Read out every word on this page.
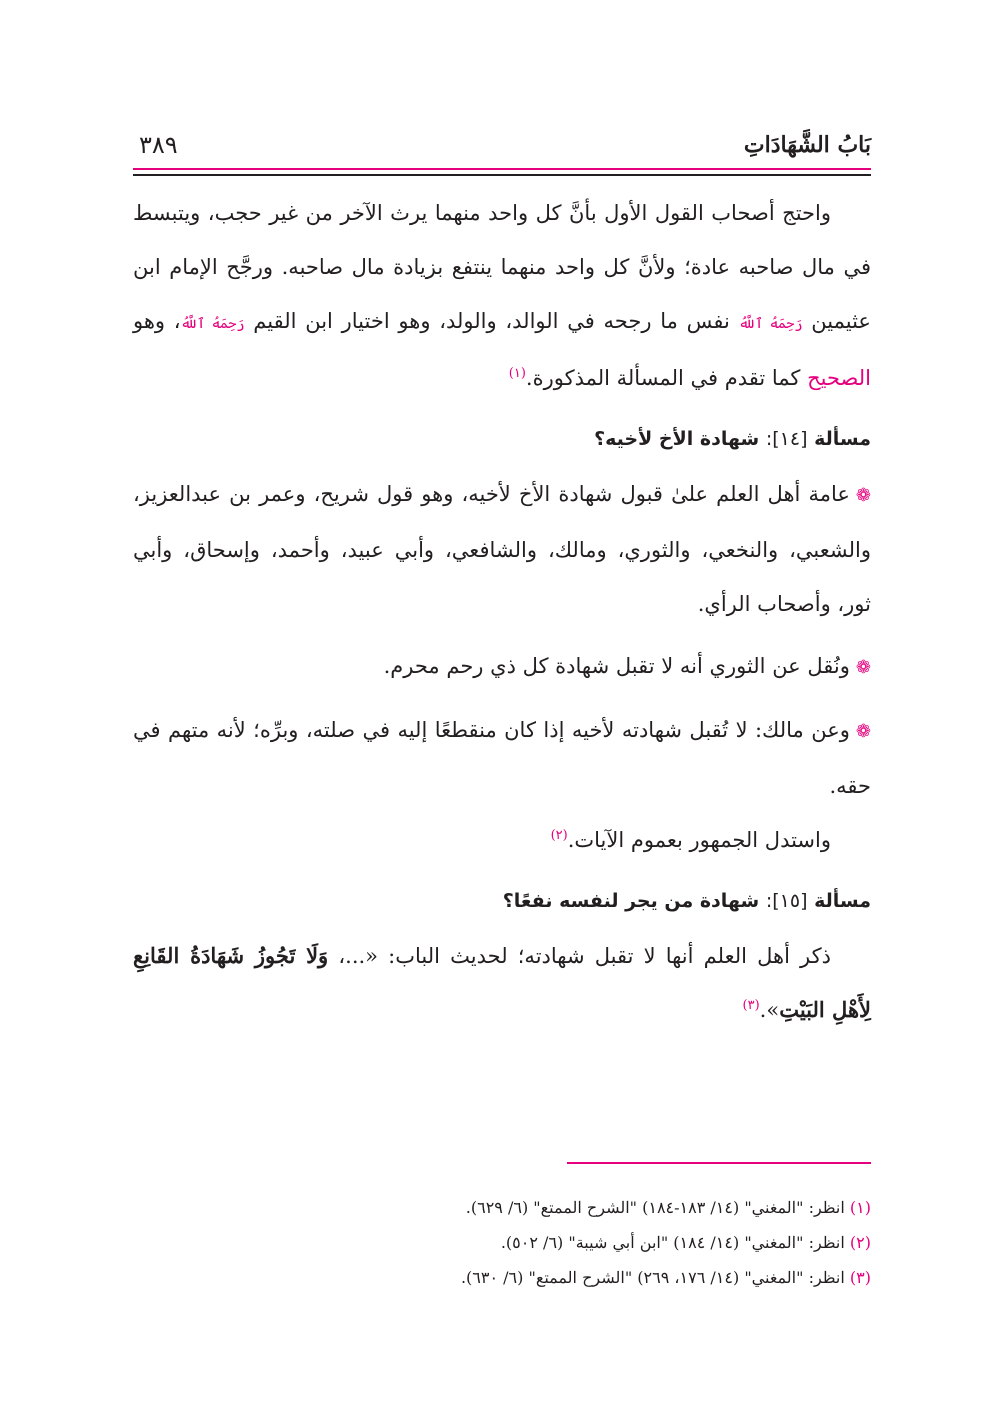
بَابُ الشَّهَادَاتِ
٣٨٩

واحتج أصحاب القول الأول بأنَّ كل واحد منهما يرث الآخر من غير حجب، ويتبسط في مال صاحبه عادة؛ ولأنَّ كل واحد منهما ينتفع بزيادة مال صاحبه. ورجَّح الإمام ابن عثيمين رَحِمَهُ ٱللَّهُ نفس ما رجحه في الوالد، والولد، وهو اختيار ابن القيم رَحِمَهُ ٱللَّهُ، وهو الصحيح كما تقدم في المسألة المذكورة.$^{(١)}$

مسألة [١٤]: شهادة الأخ لأخيه؟

❁عامة أهل العلم علىٰ قبول شهادة الأخ لأخيه، وهو قول شريح، وعمر بن عبدالعزيز، والشعبي، والنخعي، والثوري، ومالك، والشافعي، وأبي عبيد، وأحمد، وإسحاق، وأبي ثور، وأصحاب الرأي.

❁ونُقل عن الثوري أنه لا تقبل شهادة كل ذي رحم محرم.

❁وعن مالك: لا تُقبل شهادته لأخيه إذا كان منقطعًا إليه في صلته، وبرِّه؛ لأنه متهم في حقه.

واستدل الجمهور بعموم الآيات.$^{(٢)}$

مسألة [١٥]: شهادة من يجر لنفسه نفعًا؟

ذكر أهل العلم أنها لا تقبل شهادته؛ لحديث الباب: «...، وَلَا تَجُوزُ شَهَادَةُ القَانِعِ لِأَهْلِ البَيْتِ».$^{(٣)}$

(١) انظر: "المغني" (١٤/ ١٨٣-١٨٤) "الشرح الممتع" (٦/ ٦٢٩).

(٢) انظر: "المغني" (١٤/ ١٨٤) "ابن أبي شيبة" (٦/ ٥٠٢).

(٣) انظر: "المغني" (١٤/ ١٧٦، ٢٦٩) "الشرح الممتع" (٦/ ٦٣٠).
